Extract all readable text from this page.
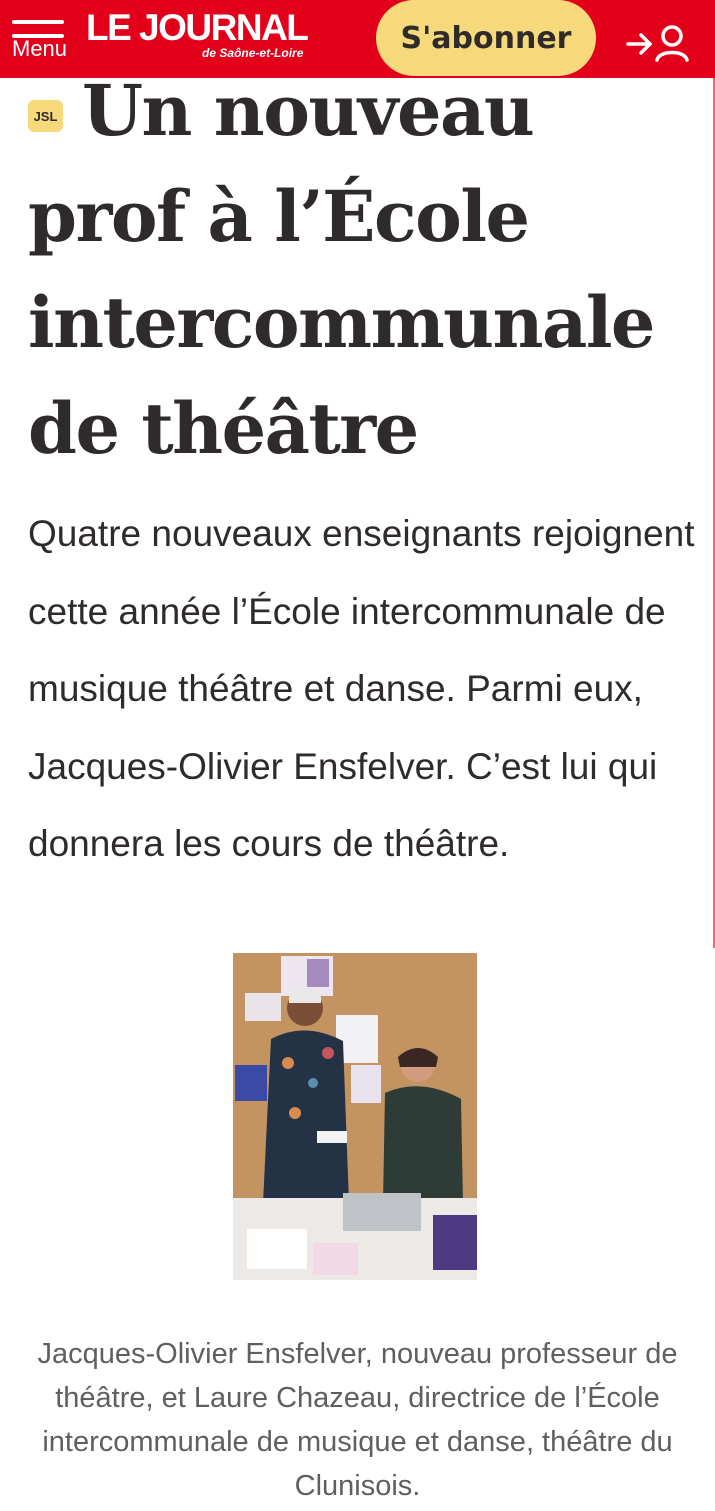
Menu
LE JOURNAL
de Saône-et-Loire	S'abonner
JSL Un nouveau prof à l’École intercommunale de théâtre

Quatre nouveaux enseignants rejoignent cette année l’École intercommunale de musique théâtre et danse. Parmi eux, Jacques-Olivier Ensfelver. C’est lui qui donnera les cours de théâtre.

Jacques-Olivier Ensfelver, nouveau professeur de théâtre, et Laure Chazeau, directrice de l’École intercommunale de musique et danse, théâtre du Clunisois.
